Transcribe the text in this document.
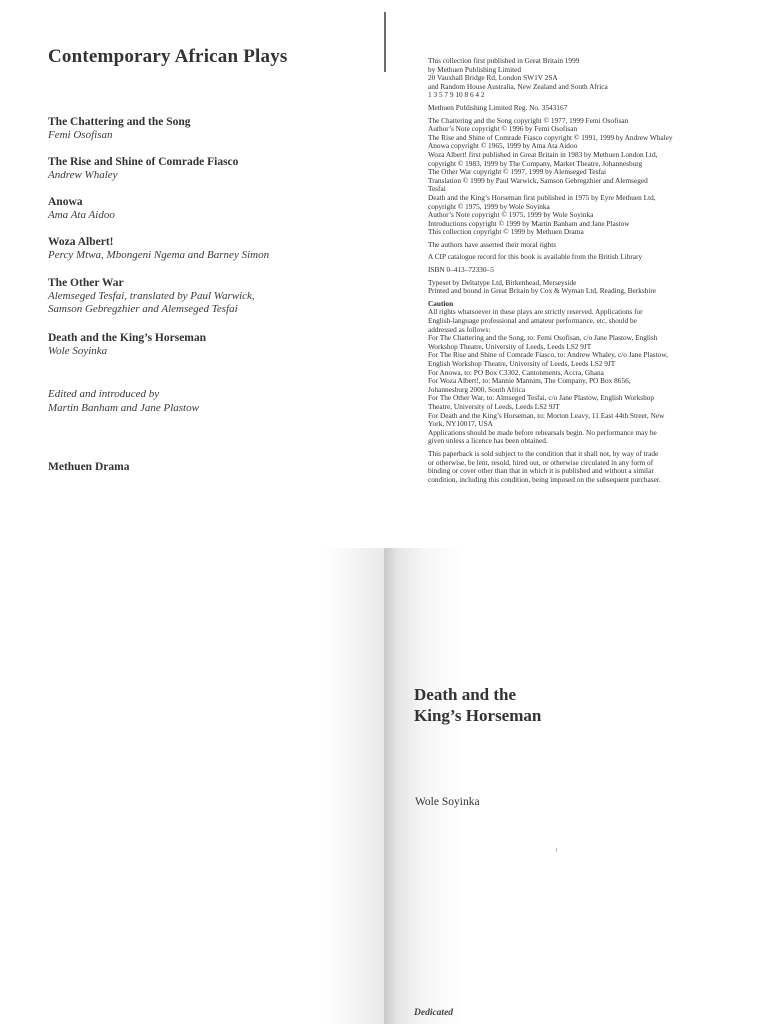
Contemporary African Plays
The Chattering and the Song
Femi Osofisan
The Rise and Shine of Comrade Fiasco
Andrew Whaley
Anowa
Ama Ata Aidoo
Woza Albert!
Percy Mtwa, Mbongeni Ngema and Barney Simon
The Other War
Alemseged Tesfai, translated by Paul Warwick,
Samson Gebregzhier and Alemseged Tesfai
Death and the King’s Horseman
Wole Soyinka
Edited and introduced by
Martin Banham and Jane Plastow
Methuen Drama

This collection first published in Great Britain 1999

by Methuen Publishing Limited

20 Vauxhall Bridge Rd, London SW1V 2SA

and Random House Australia, New Zealand and South Africa

1 3 5 7 9 10 8 6 4 2

Methuen Publishing Limited Reg. No. 3543167

The Chattering and the Song copyright © 1977, 1999 Femi Osofisan

Author’s Note copyright © 1996 by Femi Osofisan

The Rise and Shine of Comrade Fiasco copyright © 1991, 1999 by Andrew Whaley

Anowa copyright © 1965, 1999 by Ama Ata Aidoo

Woza Albert! first published in Great Britain in 1983 by Methuen London Ltd,

copyright © 1983, 1999 by The Company, Market Theatre, Johannesburg

The Other War copyright © 1997, 1999 by Alemseged Tesfai

Translation © 1999 by Paul Warwick, Samson Gebregzhier and Alemseged

Tesfai

Death and the King’s Horseman first published in 1975 by Eyre Methuen Ltd,

copyright © 1975, 1999 by Wole Soyinka

Author’s Note copyright © 1975, 1999 by Wole Soyinka

Introductions copyright © 1999 by Martin Banham and Jane Plastow

This collection copyright © 1999 by Methuen Drama

The authors have asserted their moral rights

A CIP catalogue record for this book is available from the British Library

ISBN 0–413–72330–5

Typeset by Deltatype Ltd, Birkenhead, Merseyside

Printed and bound in Great Britain by Cox & Wyman Ltd, Reading, Berkshire

Caution

All rights whatsoever in these plays are strictly reserved. Applications for

English-language professional and amateur performance, etc, should be

addressed as follows:

For The Chattering and the Song, to: Femi Osofisan, c/o Jane Plastow, English

Workshop Theatre, University of Leeds, Leeds LS2 9JT

For The Rise and Shine of Comrade Fiasco, to: Andrew Whaley, c/o Jane Plastow,

English Workshop Theatre, University of Leeds, Leeds LS2 9JT

For Anowa, to: PO Box C3302, Cantonments, Accra, Ghana

For Woza Albert!, to: Mannie Mannim, The Company, PO Box 8656,

Johannesburg 2000, South Africa

For The Other War, to: Almseged Tesfai, c/o Jane Plastow, English Workshop

Theatre, University of Leeds, Leeds LS2 9JT

For Death and the King’s Horseman, to: Morton Leavy, 11 East 44th Street, New

York, NY10017, USA

Applications should be made before rehearsals begin. No performance may be

given unless a licence has been obtained.

This paperback is sold subject to the condition that it shall not, by way of trade

or otherwise, be lent, resold, hired out, or otherwise circulated in any form of

binding or cover other than that in which it is published and without a similar

condition, including this condition, being imposed on the subsequent purchaser.

Death and the
King’s Horseman
Wole Soyinka
Dedicated
